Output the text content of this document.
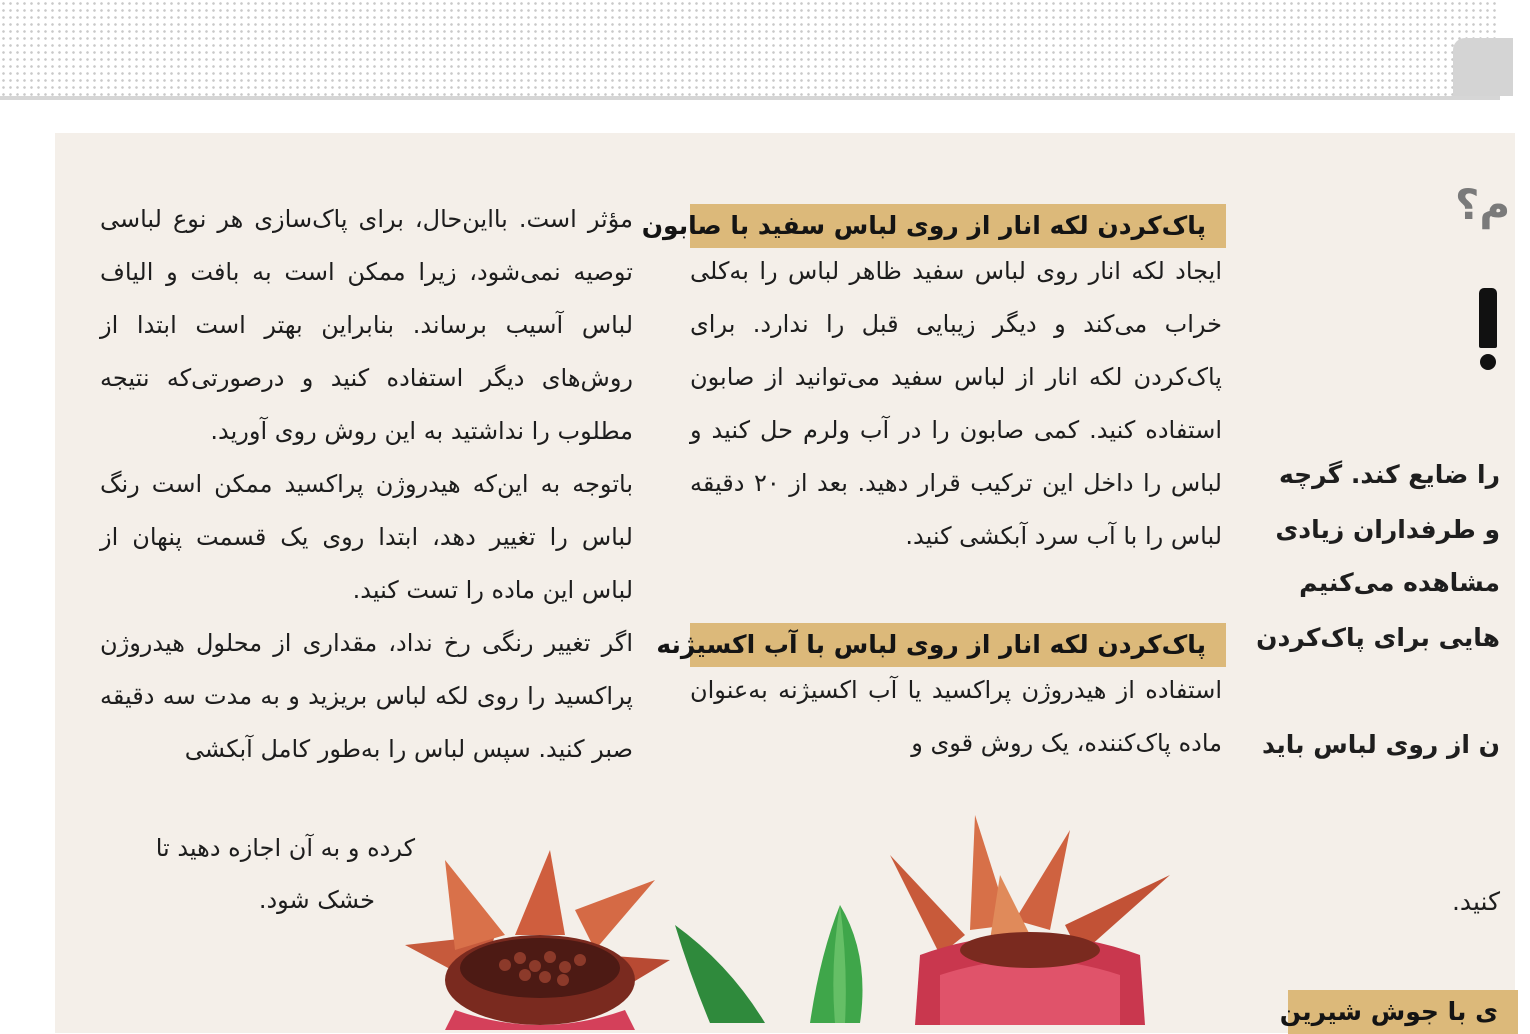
م؟
را ضایع کند. گرچه
و طرفداران زیادی
مشاهده می‌کنیم
هایی برای پاک‌کردن
ن از روی لباس باید
کنید.
ی با جوش شیرین
پاک‌کردن لکه انار از روی لباس سفید با صابون

ایجاد لکه انار روی لباس سفید ظاهر لباس را به‌کلی خراب می‌کند و دیگر زیبایی قبل را ندارد. برای پاک‌کردن لکه انار از لباس سفید می‌توانید از صابون استفاده کنید. کمی صابون را در آب ولرم حل کنید و لباس را داخل این ترکیب قرار دهید. بعد از ۲۰ دقیقه لباس را با آب سرد آبکشی کنید.

پاک‌کردن لکه انار از روی لباس با آب اکسیژنه

استفاده از هیدروژن پراکسید یا آب اکسیژنه به‌عنوان ماده پاک‌کننده، یک روش قوی و

مؤثر است. بااین‌حال، برای پاک‌سازی هر نوع لباسی توصیه نمی‌شود، زیرا ممکن است به بافت و الیاف لباس آسیب برساند. بنابراین بهتر است ابتدا از روش‌های دیگر استفاده کنید و درصورتی‌که نتیجه مطلوب را نداشتید به این روش روی آورید.

باتوجه به این‌که هیدروژن پراکسید ممکن است رنگ لباس را تغییر دهد، ابتدا روی یک قسمت پنهان از لباس این ماده را تست کنید.

اگر تغییر رنگی رخ نداد، مقداری از محلول هیدروژن پراکسید را روی لکه لباس بریزید و به مدت سه دقیقه صبر کنید. سپس لباس را به‌طور کامل آبکشی

کرده و به آن اجازه دهید تا

خشک شود.
